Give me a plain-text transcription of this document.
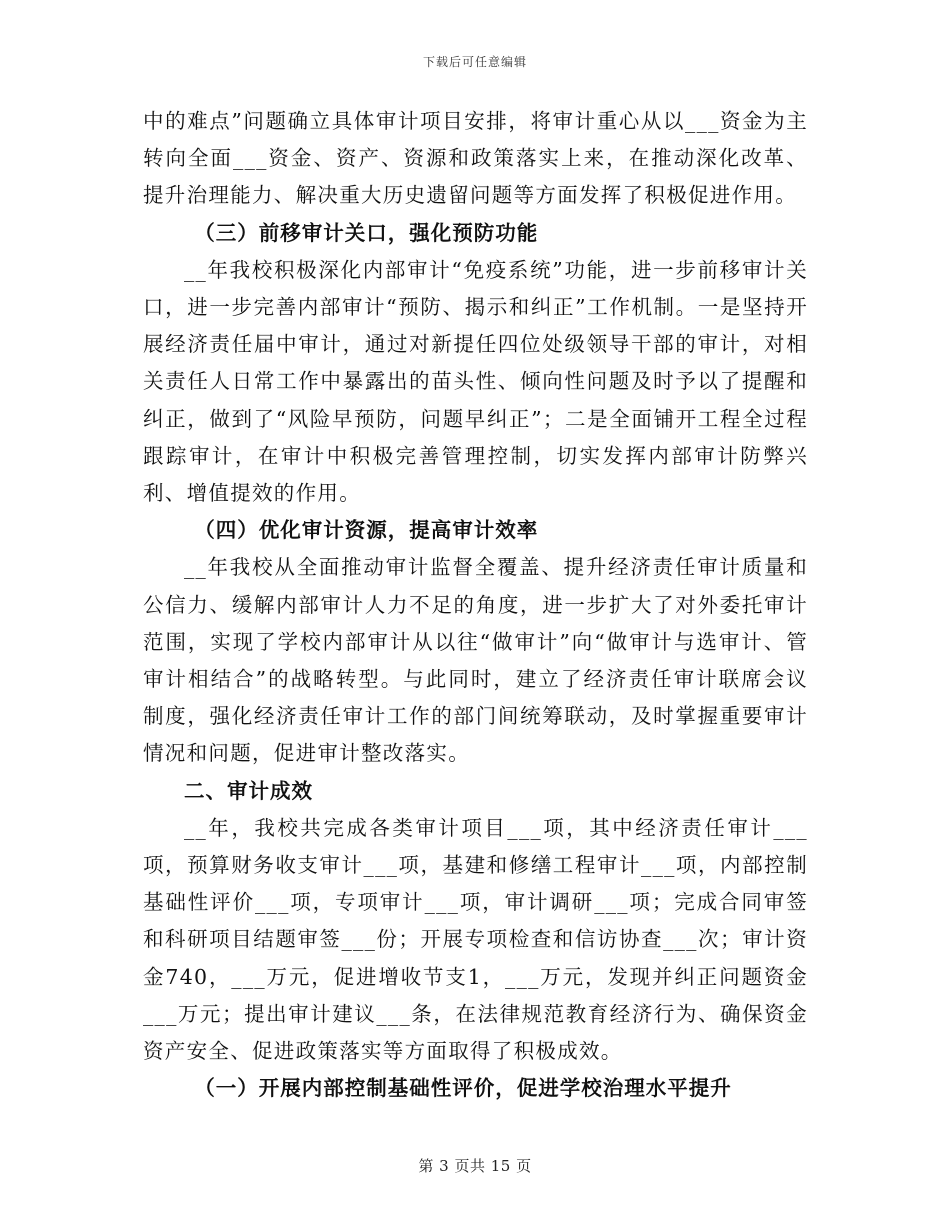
下载后可任意编辑

中的难点”问题确立具体审计项目安排，将审计重心从以___资金为主转向全面___资金、资产、资源和政策落实上来，在推动深化改革、提升治理能力、解决重大历史遗留问题等方面发挥了积极促进作用。

（三）前移审计关口，强化预防功能

__年我校积极深化内部审计“免疫系统”功能，进一步前移审计关口，进一步完善内部审计“预防、揭示和纠正”工作机制。一是坚持开展经济责任届中审计，通过对新提任四位处级领导干部的审计，对相关责任人日常工作中暴露出的苗头性、倾向性问题及时予以了提醒和纠正，做到了“风险早预防，问题早纠正”；二是全面铺开工程全过程跟踪审计，在审计中积极完善管理控制，切实发挥内部审计防弊兴利、增值提效的作用。

（四）优化审计资源，提高审计效率

__年我校从全面推动审计监督全覆盖、提升经济责任审计质量和公信力、缓解内部审计人力不足的角度，进一步扩大了对外委托审计范围，实现了学校内部审计从以往“做审计”向“做审计与选审计、管审计相结合”的战略转型。与此同时，建立了经济责任审计联席会议制度，强化经济责任审计工作的部门间统筹联动，及时掌握重要审计情况和问题，促进审计整改落实。

二、审计成效

__年，我校共完成各类审计项目___项，其中经济责任审计___项，预算财务收支审计___项，基建和修缮工程审计___项，内部控制基础性评价___项，专项审计___项，审计调研___项；完成合同审签和科研项目结题审签___份；开展专项检查和信访协查___次；审计资金740，___万元，促进增收节支1，___万元，发现并纠正问题资金___万元；提出审计建议___条，在法律规范教育经济行为、确保资金资产安全、促进政策落实等方面取得了积极成效。

（一）开展内部控制基础性评价，促进学校治理水平提升

第 3 页共 15 页
